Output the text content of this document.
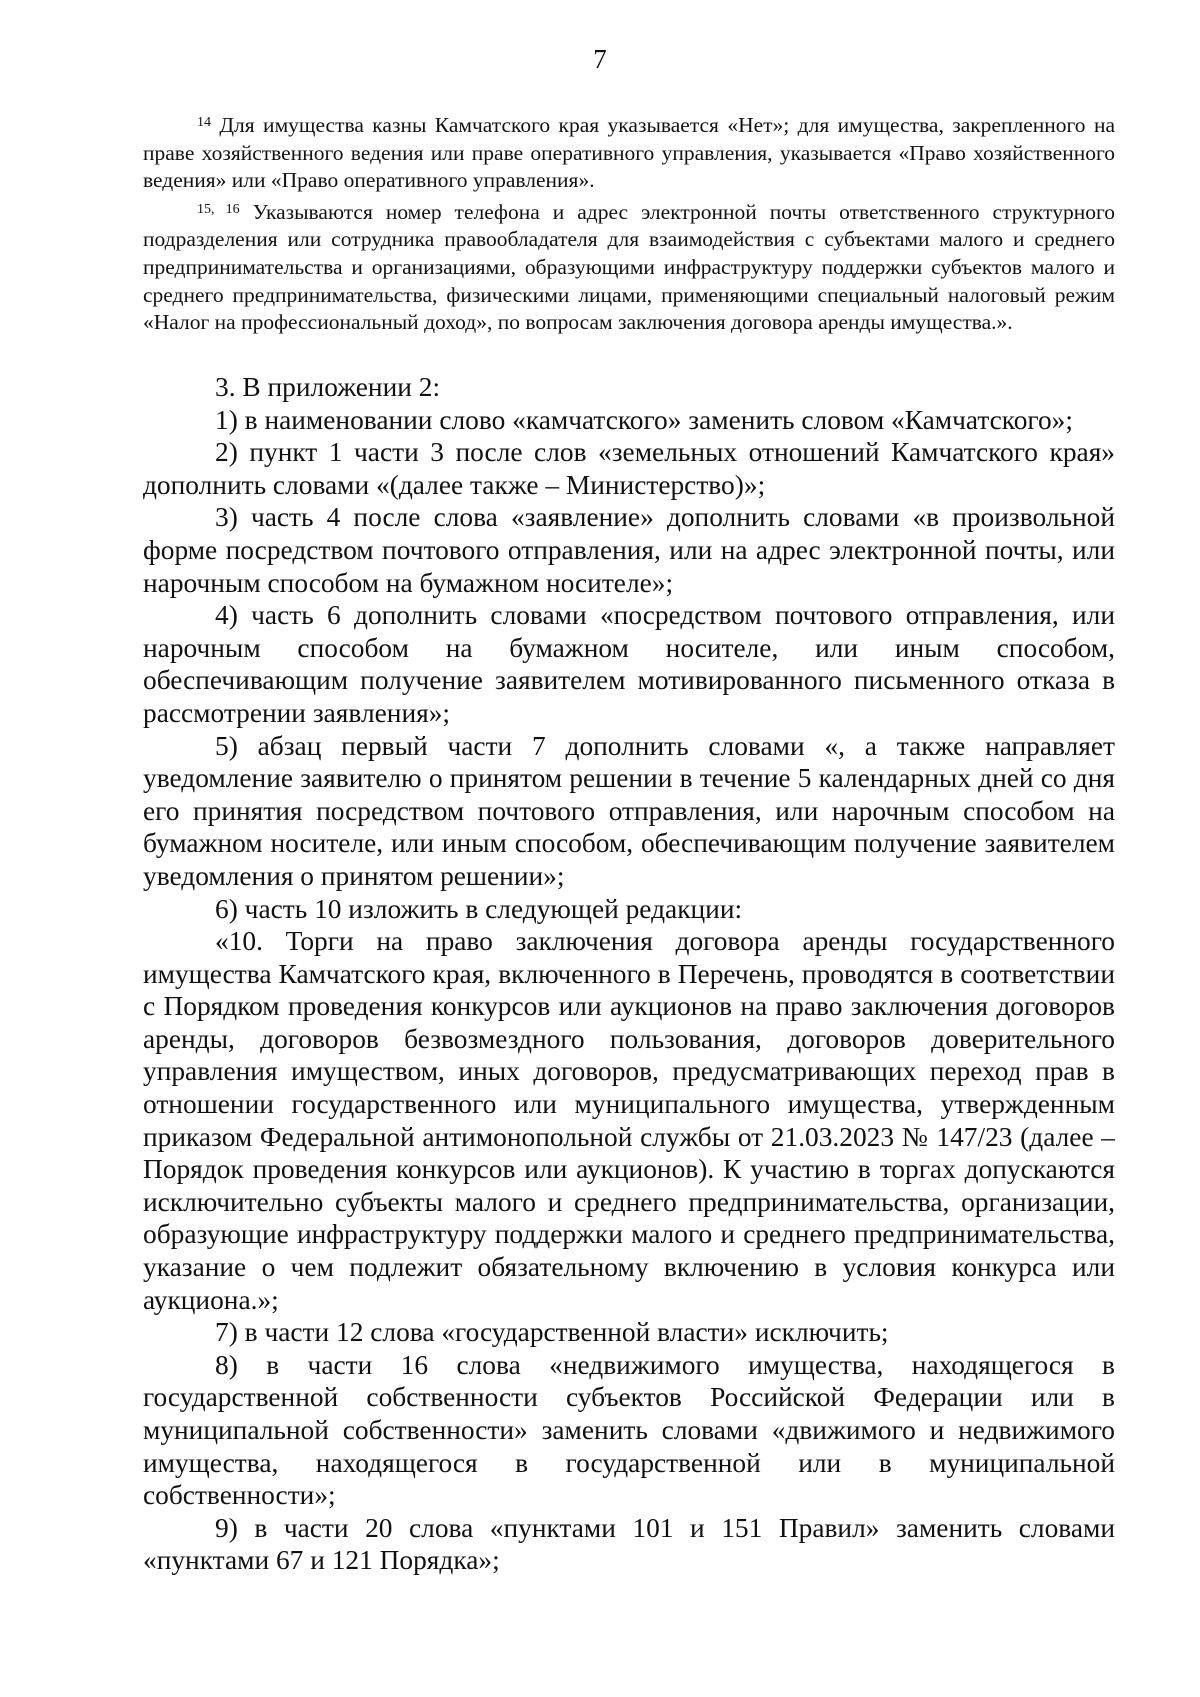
7

$^{14}$ Для имущества казны Камчатского края указывается «Нет»; для имущества, закрепленного на праве хозяйственного ведения или праве оперативного управления, указывается «Право хозяйственного ведения» или «Право оперативного управления».

$^{15, 16}$ Указываются номер телефона и адрес электронной почты ответственного структурного подразделения или сотрудника правообладателя для взаимодействия с субъектами малого и среднего предпринимательства и организациями, образующими инфраструктуру поддержки субъектов малого и среднего предпринимательства, физическими лицами, применяющими специальный налоговый режим «Налог на профессиональный доход», по вопросам заключения договора аренды имущества.».

3. В приложении 2:

1) в наименовании слово «камчатского» заменить словом «Камчатского»;

2) пункт 1 части 3 после слов «земельных отношений Камчатского края» дополнить словами «(далее также – Министерство)»;

3) часть 4 после слова «заявление» дополнить словами «в произвольной форме посредством почтового отправления, или на адрес электронной почты, или нарочным способом на бумажном носителе»;

4) часть 6 дополнить словами «посредством почтового отправления, или нарочным способом на бумажном носителе, или иным способом, обеспечивающим получение заявителем мотивированного письменного отказа в рассмотрении заявления»;

5) абзац первый части 7 дополнить словами «, а также направляет уведомление заявителю о принятом решении в течение 5 календарных дней со дня его принятия посредством почтового отправления, или нарочным способом на бумажном носителе, или иным способом, обеспечивающим получение заявителем уведомления о принятом решении»;

6) часть 10 изложить в следующей редакции:

«10. Торги на право заключения договора аренды государственного имущества Камчатского края, включенного в Перечень, проводятся в соответствии с Порядком проведения конкурсов или аукционов на право заключения договоров аренды, договоров безвозмездного пользования, договоров доверительного управления имуществом, иных договоров, предусматривающих переход прав в отношении государственного или муниципального имущества, утвержденным приказом Федеральной антимонопольной службы от 21.03.2023 № 147/23 (далее – Порядок проведения конкурсов или аукционов). К участию в торгах допускаются исключительно субъекты малого и среднего предпринимательства, организации, образующие инфраструктуру поддержки малого и среднего предпринимательства, указание о чем подлежит обязательному включению в условия конкурса или аукциона.»;

7) в части 12 слова «государственной власти» исключить;

8) в части 16 слова «недвижимого имущества, находящегося в государственной собственности субъектов Российской Федерации или в муниципальной собственности» заменить словами «движимого и недвижимого имущества, находящегося в государственной или в муниципальной собственности»;

9) в части 20 слова «пунктами 101 и 151 Правил» заменить словами «пунктами 67 и 121 Порядка»;
